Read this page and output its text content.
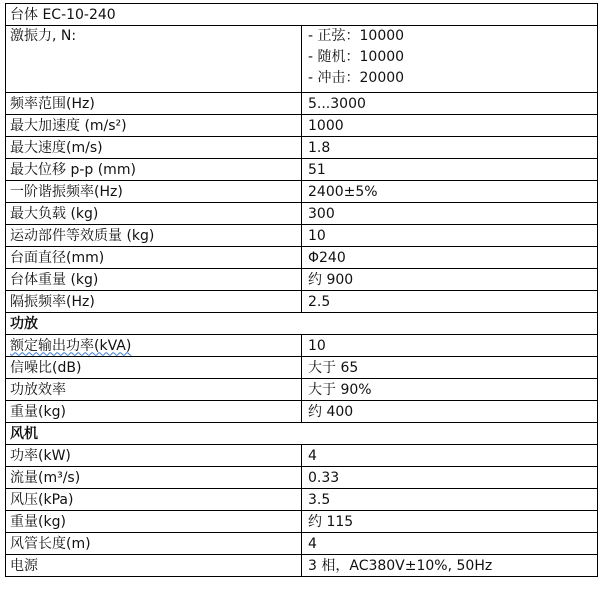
台体 EC-10-240	
激振力, N:	- 正弦：10000
- 随机：10000
- 冲击：20000

频率范围(Hz)	5...3000
最大加速度 (m/s²)	1000
最大速度(m/s)	1.8
最大位移 p-p (mm)	51
一阶谐振频率(Hz)	2400±5%
最大负载 (kg)	300
运动部件等效质量 (kg)	10
台面直径(mm)	Φ240
台体重量 (kg)	约 900
隔振频率(Hz)	2.5
功放	
额定输出功率(kVA)	10
信噪比(dB)	大于 65
功放效率	大于 90%
重量(kg)	约 400
风机	
功率(kW)	4
流量(m³/s)	0.33
风压(kPa)	3.5
重量(kg)	约 115
风管长度(m)	4
电源	3 相，AC380V±10%, 50Hz
